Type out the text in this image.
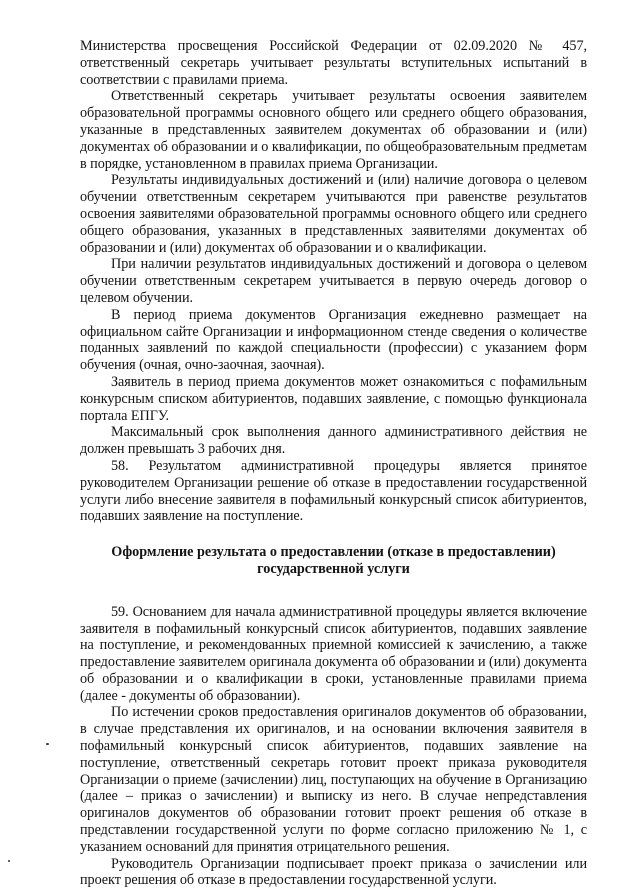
Министерства просвещения Российской Федерации от 02.09.2020 № 457, ответственный секретарь учитывает результаты вступительных испытаний в соответствии с правилами приема.

Ответственный секретарь учитывает результаты освоения заявителем образовательной программы основного общего или среднего общего образования, указанные в представленных заявителем документах об образовании и (или) документах об образовании и о квалификации, по общеобразовательным предметам в порядке, установленном в правилах приема Организации.

Результаты индивидуальных достижений и (или) наличие договора о целевом обучении ответственным секретарем учитываются при равенстве результатов освоения заявителями образовательной программы основного общего или среднего общего образования, указанных в представленных заявителями документах об образовании и (или) документах об образовании и о квалификации.

При наличии результатов индивидуальных достижений и договора о целевом обучении ответственным секретарем учитывается в первую очередь договор о целевом обучении.

В период приема документов Организация ежедневно размещает на официальном сайте Организации и информационном стенде сведения о количестве поданных заявлений по каждой специальности (профессии) с указанием форм обучения (очная, очно-заочная, заочная).

Заявитель в период приема документов может ознакомиться с пофамильным конкурсным списком абитуриентов, подавших заявление, с помощью функционала портала ЕПГУ.

Максимальный срок выполнения данного административного действия не должен превышать 3 рабочих дня.

58. Результатом административной процедуры является принятое руководителем Организации решение об отказе в предоставлении государственной услуги либо внесение заявителя в пофамильный конкурсный список абитуриентов, подавших заявление на поступление.

Оформление результата о предоставлении (отказе в предоставлении) государственной услуги

59. Основанием для начала административной процедуры является включение заявителя в пофамильный конкурсный список абитуриентов, подавших заявление на поступление, и рекомендованных приемной комиссией к зачислению, а также предоставление заявителем оригинала документа об образовании и (или) документа об образовании и о квалификации в сроки, установленные правилами приема (далее - документы об образовании).

По истечении сроков предоставления оригиналов документов об образовании, в случае представления их оригиналов, и на основании включения заявителя в пофамильный конкурсный список абитуриентов, подавших заявление на поступление, ответственный секретарь готовит проект приказа руководителя Организации о приеме (зачислении) лиц, поступающих на обучение в Организацию (далее – приказ о зачислении) и выписку из него. В случае непредставления оригиналов документов об образовании готовит проект решения об отказе в представлении государственной услуги по форме согласно приложению № 1, с указанием оснований для принятия отрицательного решения.

Руководитель Организации подписывает проект приказа о зачислении или проект решения об отказе в предоставлении государственной услуги.
